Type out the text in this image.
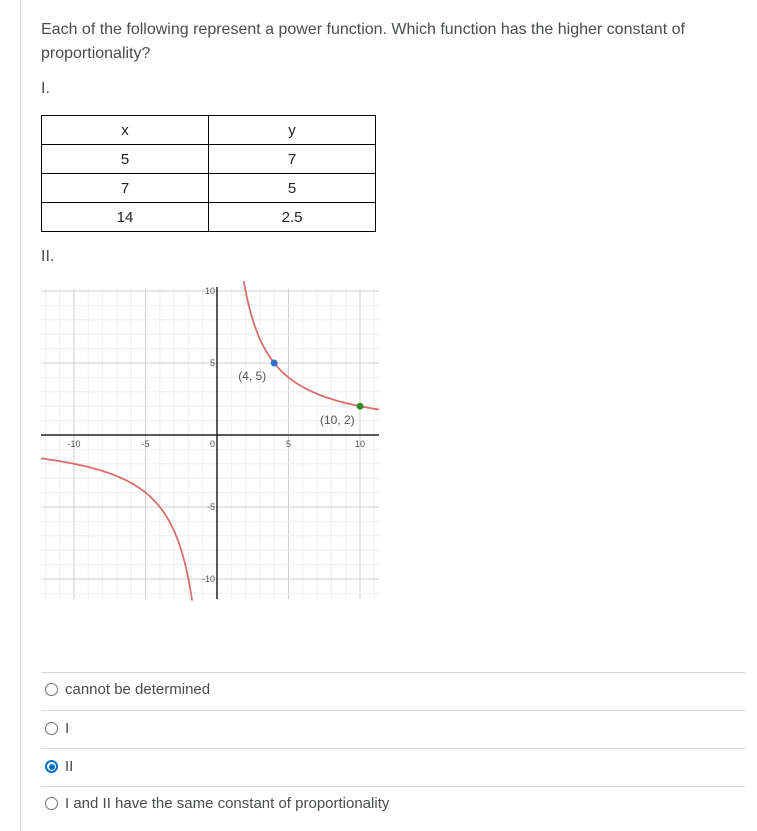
Each of the following represent a power function. Which function has the higher constant of proportionality?
I.
x	y
5	7
7	5
14	2.5
II.
-10	-5	5	10
10
5
0
-5
-10
(4, 5)
(10, 2)
cannot be determined
I
II
I and II have the same constant of proportionality
